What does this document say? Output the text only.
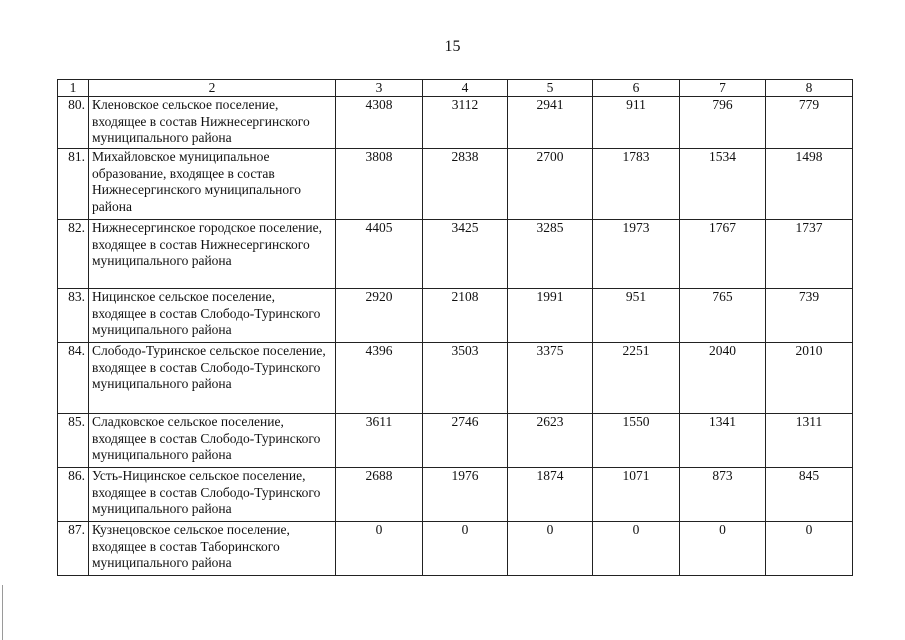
15
1	2	3	4	5	6	7	8
80.	Кленовское сельское поселение, входящее в состав Нижнесергинского муниципального района	4308	3112	2941	911	796	779
81.	Михайловское муниципальное образование, входящее в состав Нижнесергинского муниципального района	3808	2838	2700	1783	1534	1498
82.	Нижнесергинское городское поселение, входящее в состав Нижнесергинского муниципального района	4405	3425	3285	1973	1767	1737
83.	Ницинское сельское поселение, входящее в состав Слободо-Туринского муниципального района	2920	2108	1991	951	765	739
84.	Слободо-Туринское сельское поселение, входящее в состав Слободо-Туринского муниципального района	4396	3503	3375	2251	2040	2010
85.	Сладковское сельское поселение, входящее в состав Слободо-Туринского муниципального района	3611	2746	2623	1550	1341	1311
86.	Усть-Ницинское сельское поселение, входящее в состав Слободо-Туринского муниципального района	2688	1976	1874	1071	873	845
87.	Кузнецовское сельское поселение, входящее в состав Таборинского муниципального района	0	0	0	0	0	0
